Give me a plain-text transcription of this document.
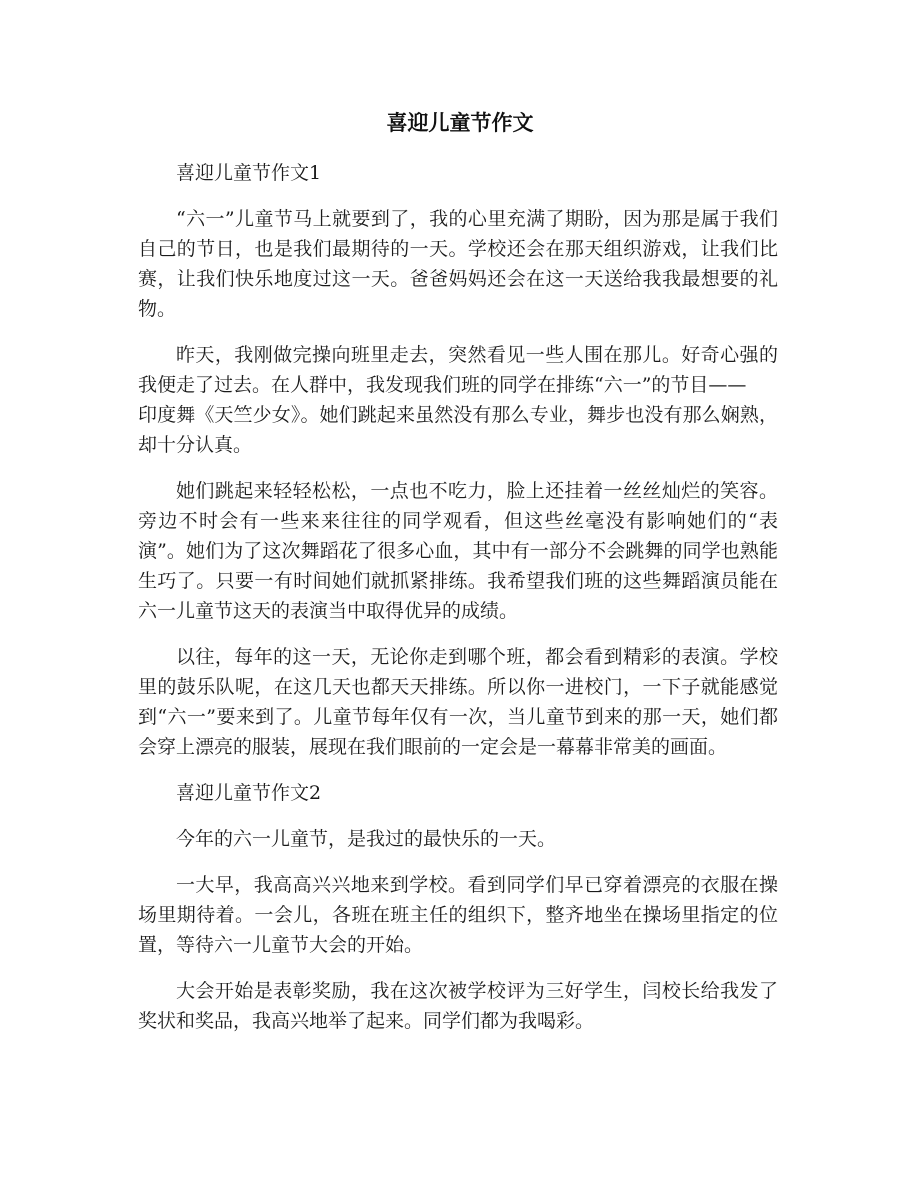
喜迎儿童节作文

喜迎儿童节作文1

“六一”儿童节马上就要到了，我的心里充满了期盼，因为那是属于我们自己的节日，也是我们最期待的一天。学校还会在那天组织游戏，让我们比赛，让我们快乐地度过这一天。爸爸妈妈还会在这一天送给我我最想要的礼物。

昨天，我刚做完操向班里走去，突然看见一些人围在那儿。好奇心强的我便走了过去。在人群中，我发现我们班的同学在排练“六一”的节目——

印度舞《天竺少女》。她们跳起来虽然没有那么专业，舞步也没有那么娴熟，却十分认真。

她们跳起来轻轻松松，一点也不吃力，脸上还挂着一丝丝灿烂的笑容。旁边不时会有一些来来往往的同学观看，但这些丝毫没有影响她们的“表演”。她们为了这次舞蹈花了很多心血，其中有一部分不会跳舞的同学也熟能生巧了。只要一有时间她们就抓紧排练。我希望我们班的这些舞蹈演员能在六一儿童节这天的表演当中取得优异的成绩。

以往，每年的这一天，无论你走到哪个班，都会看到精彩的表演。学校里的鼓乐队呢，在这几天也都天天排练。所以你一进校门，一下子就能感觉到“六一”要来到了。儿童节每年仅有一次，当儿童节到来的那一天，她们都会穿上漂亮的服装，展现在我们眼前的一定会是一幕幕非常美的画面。

喜迎儿童节作文2

今年的六一儿童节，是我过的最快乐的一天。

一大早，我高高兴兴地来到学校。看到同学们早已穿着漂亮的衣服在操场里期待着。一会儿，各班在班主任的组织下，整齐地坐在操场里指定的位置，等待六一儿童节大会的开始。

大会开始是表彰奖励，我在这次被学校评为三好学生，闫校长给我发了奖状和奖品，我高兴地举了起来。同学们都为我喝彩。
